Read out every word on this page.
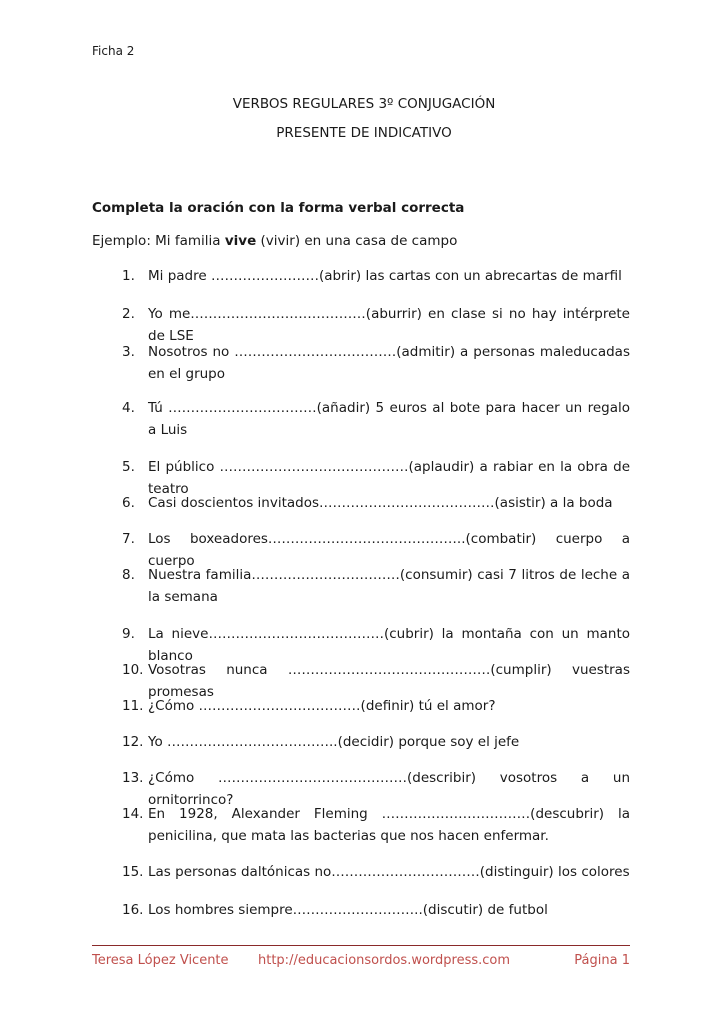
Ficha 2
VERBOS REGULARES 3º CONJUGACIÓN
PRESENTE DE INDICATIVO
Completa la oración con la forma verbal correcta
Ejemplo: Mi familia vive (vivir) en una casa de campo
1. Mi padre ……………………(abrir) las cartas con un abrecartas de marfil
2. Yo me…………………………………(aburrir) en clase si no hay intérprete de LSE
3. Nosotros no ………………………………(admitir) a personas maleducadas en el grupo
4. Tú ……………………………(añadir) 5 euros al bote para hacer un regalo a Luis
5. El público ……………………………………(aplaudir) a rabiar en la obra de teatro
6. Casi doscientos invitados…………………………………(asistir) a la boda
7. Los boxeadores……………………………………..(combatir) cuerpo a cuerpo
8. Nuestra familia……………………………(consumir) casi 7 litros de leche a la semana
9. La nieve…………………………………(cubrir) la montaña con un manto blanco
10. Vosotras nunca ………………………………………(cumplir) vuestras promesas
11. ¿Cómo ………………………………(definir) tú el amor?
12. Yo ………………………………..(decidir) porque soy el jefe
13. ¿Cómo ……………………………………(describir) vosotros a un ornitorrinco?
14. En 1928, Alexander Fleming ……………………………(descubrir) la penicilina, que mata las bacterias que nos hacen enfermar.
15. Las personas daltónicas no……………………………(distinguir) los colores
16. Los hombres siempre………………………..(discutir) de futbol
Teresa López Vicente http://educacionsordos.wordpress.com	Página 1
